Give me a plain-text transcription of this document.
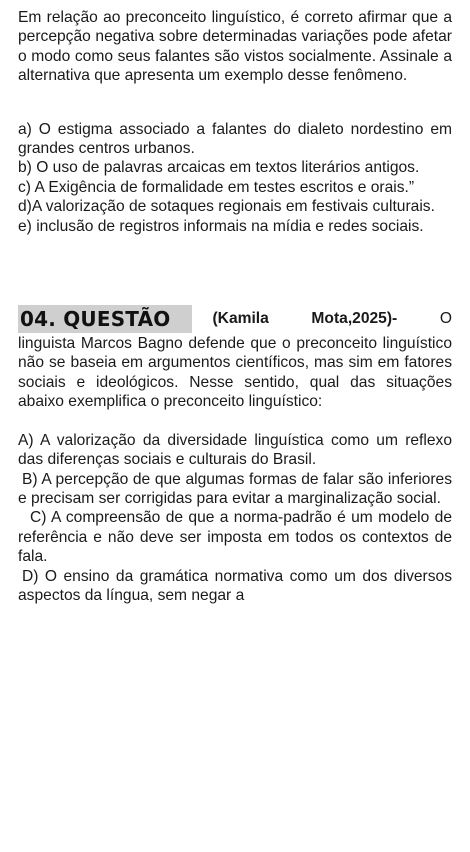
Em relação ao preconceito linguístico, é correto afirmar que a percepção negativa sobre determinadas variações pode afetar o modo como seus falantes são vistos socialmente. Assinale a alternativa que apresenta um exemplo desse fenômeno.

a) O estigma associado a falantes do dialeto nordestino em grandes centros urbanos.

b) O uso de palavras arcaicas em textos literários antigos.

c) A Exigência de formalidade em testes escritos e orais.”

d)A valorização de sotaques regionais em festivais culturais.

e) inclusão de registros informais na mídia e redes sociais.

04. QUESTÃO	(Kamila Mota,2025)-	O

linguista Marcos Bagno defende que o preconceito linguístico não se baseia em argumentos científicos, mas sim em fatores sociais e ideológicos. Nesse sentido, qual das situações abaixo exemplifica o preconceito linguístico:

A) A valorização da diversidade linguística como um reflexo das diferenças sociais e culturais do Brasil.

B) A percepção de que algumas formas de falar são inferiores e precisam ser corrigidas para evitar a marginalização social.

C) A compreensão de que a norma-padrão é um modelo de referência e não deve ser imposta em todos os contextos de fala.

D) O ensino da gramática normativa como um dos diversos aspectos da língua, sem negar a
